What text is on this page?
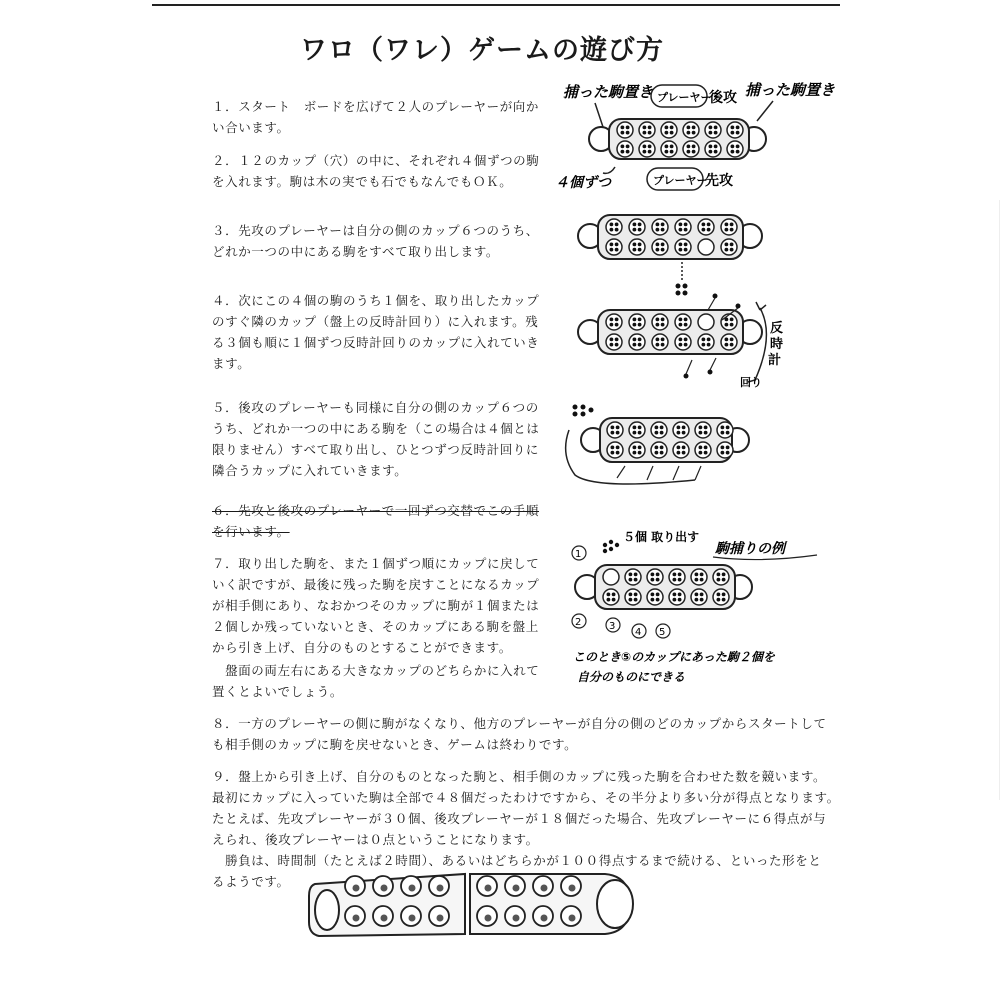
ワロ（ワレ）ゲームの遊び方

１．スタート　ボードを広げて２人のプレーヤーが向か
い合います。

２．１２のカップ（穴）の中に、それぞれ４個ずつの駒
を入れます。駒は木の実でも石でもなんでもＯＫ。

３．先攻のプレーヤーは自分の側のカップ６つのうち、
どれか一つの中にある駒をすべて取り出します。

４．次にこの４個の駒のうち１個を、取り出したカップ
のすぐ隣のカップ（盤上の反時計回り）に入れます。残
る３個も順に１個ずつ反時計回りのカップに入れていき
ます。

５．後攻のプレーヤーも同様に自分の側のカップ６つの
うち、どれか一つの中にある駒を（この場合は４個とは
限りません）すべて取り出し、ひとつずつ反時計回りに
隣合うカップに入れていきます。

６．先攻と後攻のプレーヤーで一回ずつ交替でこの手順
を行います。

７．取り出した駒を、また１個ずつ順にカップに戻して
いく訳ですが、最後に残った駒を戻すことになるカップ
が相手側にあり、なおかつそのカップに駒が１個または
２個しか残っていないとき、そのカップにある駒を盤上
から引き上げ、自分のものとすることができます。

　盤面の両左右にある大きなカップのどちらかに入れて
置くとよいでしょう。

８．一方のプレーヤーの側に駒がなくなり、他方のプレーヤーが自分の側のどのカップからスタートして
も相手側のカップに駒を戻せないとき、ゲームは終わりです。

９．盤上から引き上げ、自分のものとなった駒と、相手側のカップに残った駒を合わせた数を競います。
最初にカップに入っていた駒は全部で４８個だったわけですから、その半分より多い分が得点となります。
たとえば、先攻プレーヤーが３０個、後攻プレーヤーが１８個だった場合、先攻プレーヤーに６得点が与
えられ、後攻プレーヤーは０点ということになります。
　勝負は、時間制（たとえば２時間）、あるいはどちらかが１００得点するまで続ける、といった形をと
るようです。

捕った駒置き プレーヤー
後攻 捕った駒置き
４個ずつ	プレーヤー
先攻
反
時
計
回り
1
５個 取り出す
駒捕りの例
2	3
4 5
このとき⑤のカップにあった駒２個を
自分のものにできる
